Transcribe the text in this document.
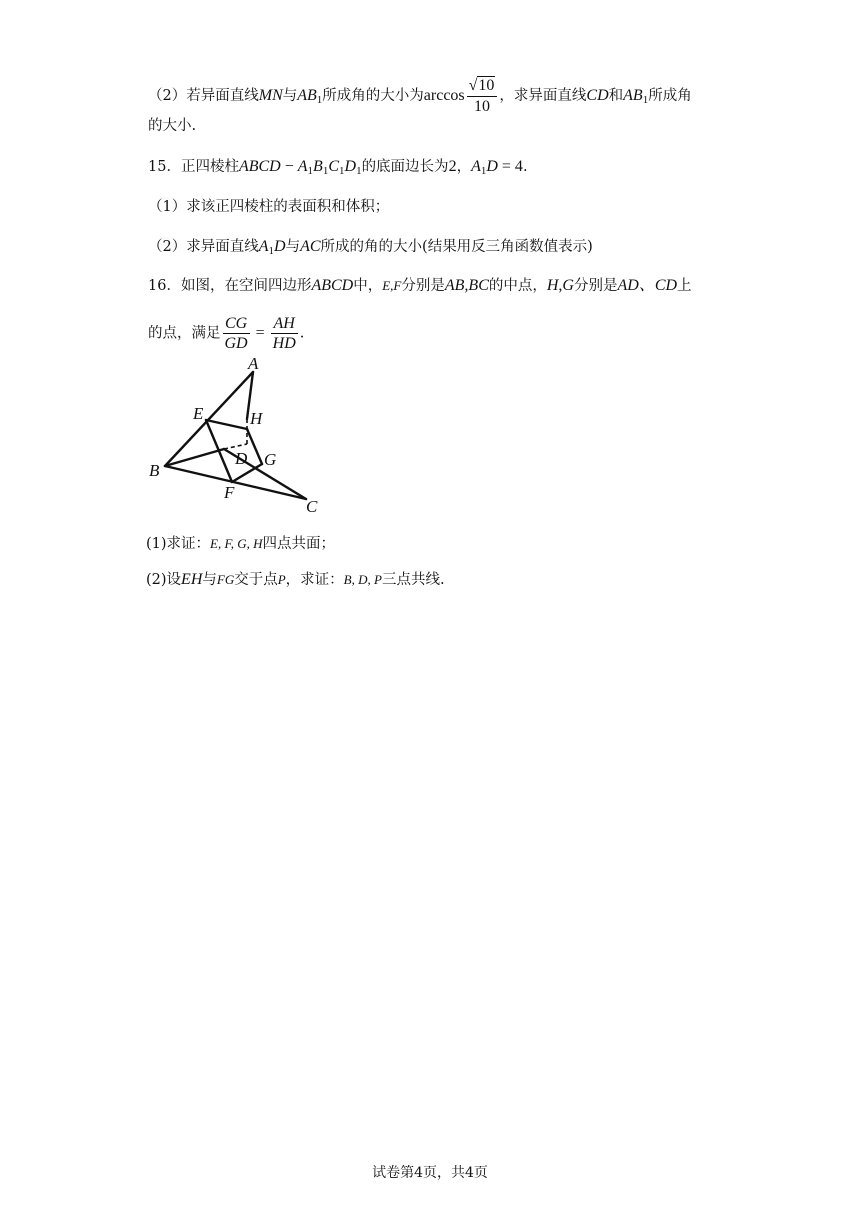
（2）若异面直线MN与$AB_1$所成角的大小为$\arccos \frac{√10}{10}$ ，求异面直线CD和$AB_1$所成角
的大小.
15．正四棱柱ABCD − $A_1B_1C_1D_1$的底面边长为2，$A_1D = 4$.
（1）求该正四棱柱的表面积和体积；
（2）求异面直线$A_1D$与AC所成的角的大小(结果用反三角函数值表示)
16．如图，在空间四边形ABCD中，E,F分别是AB,BC的中点，H,G分别是AD、CD上
的点，满足 $\frac{CG}{GD} = \frac{AH}{HD}$ .
A
E	H
D G
B
F
C
(1)求证：E, F, G, H四点共面；
(2)设EH与FG交于点P，求证：B, D, P三点共线.
试卷第4页，共4页
